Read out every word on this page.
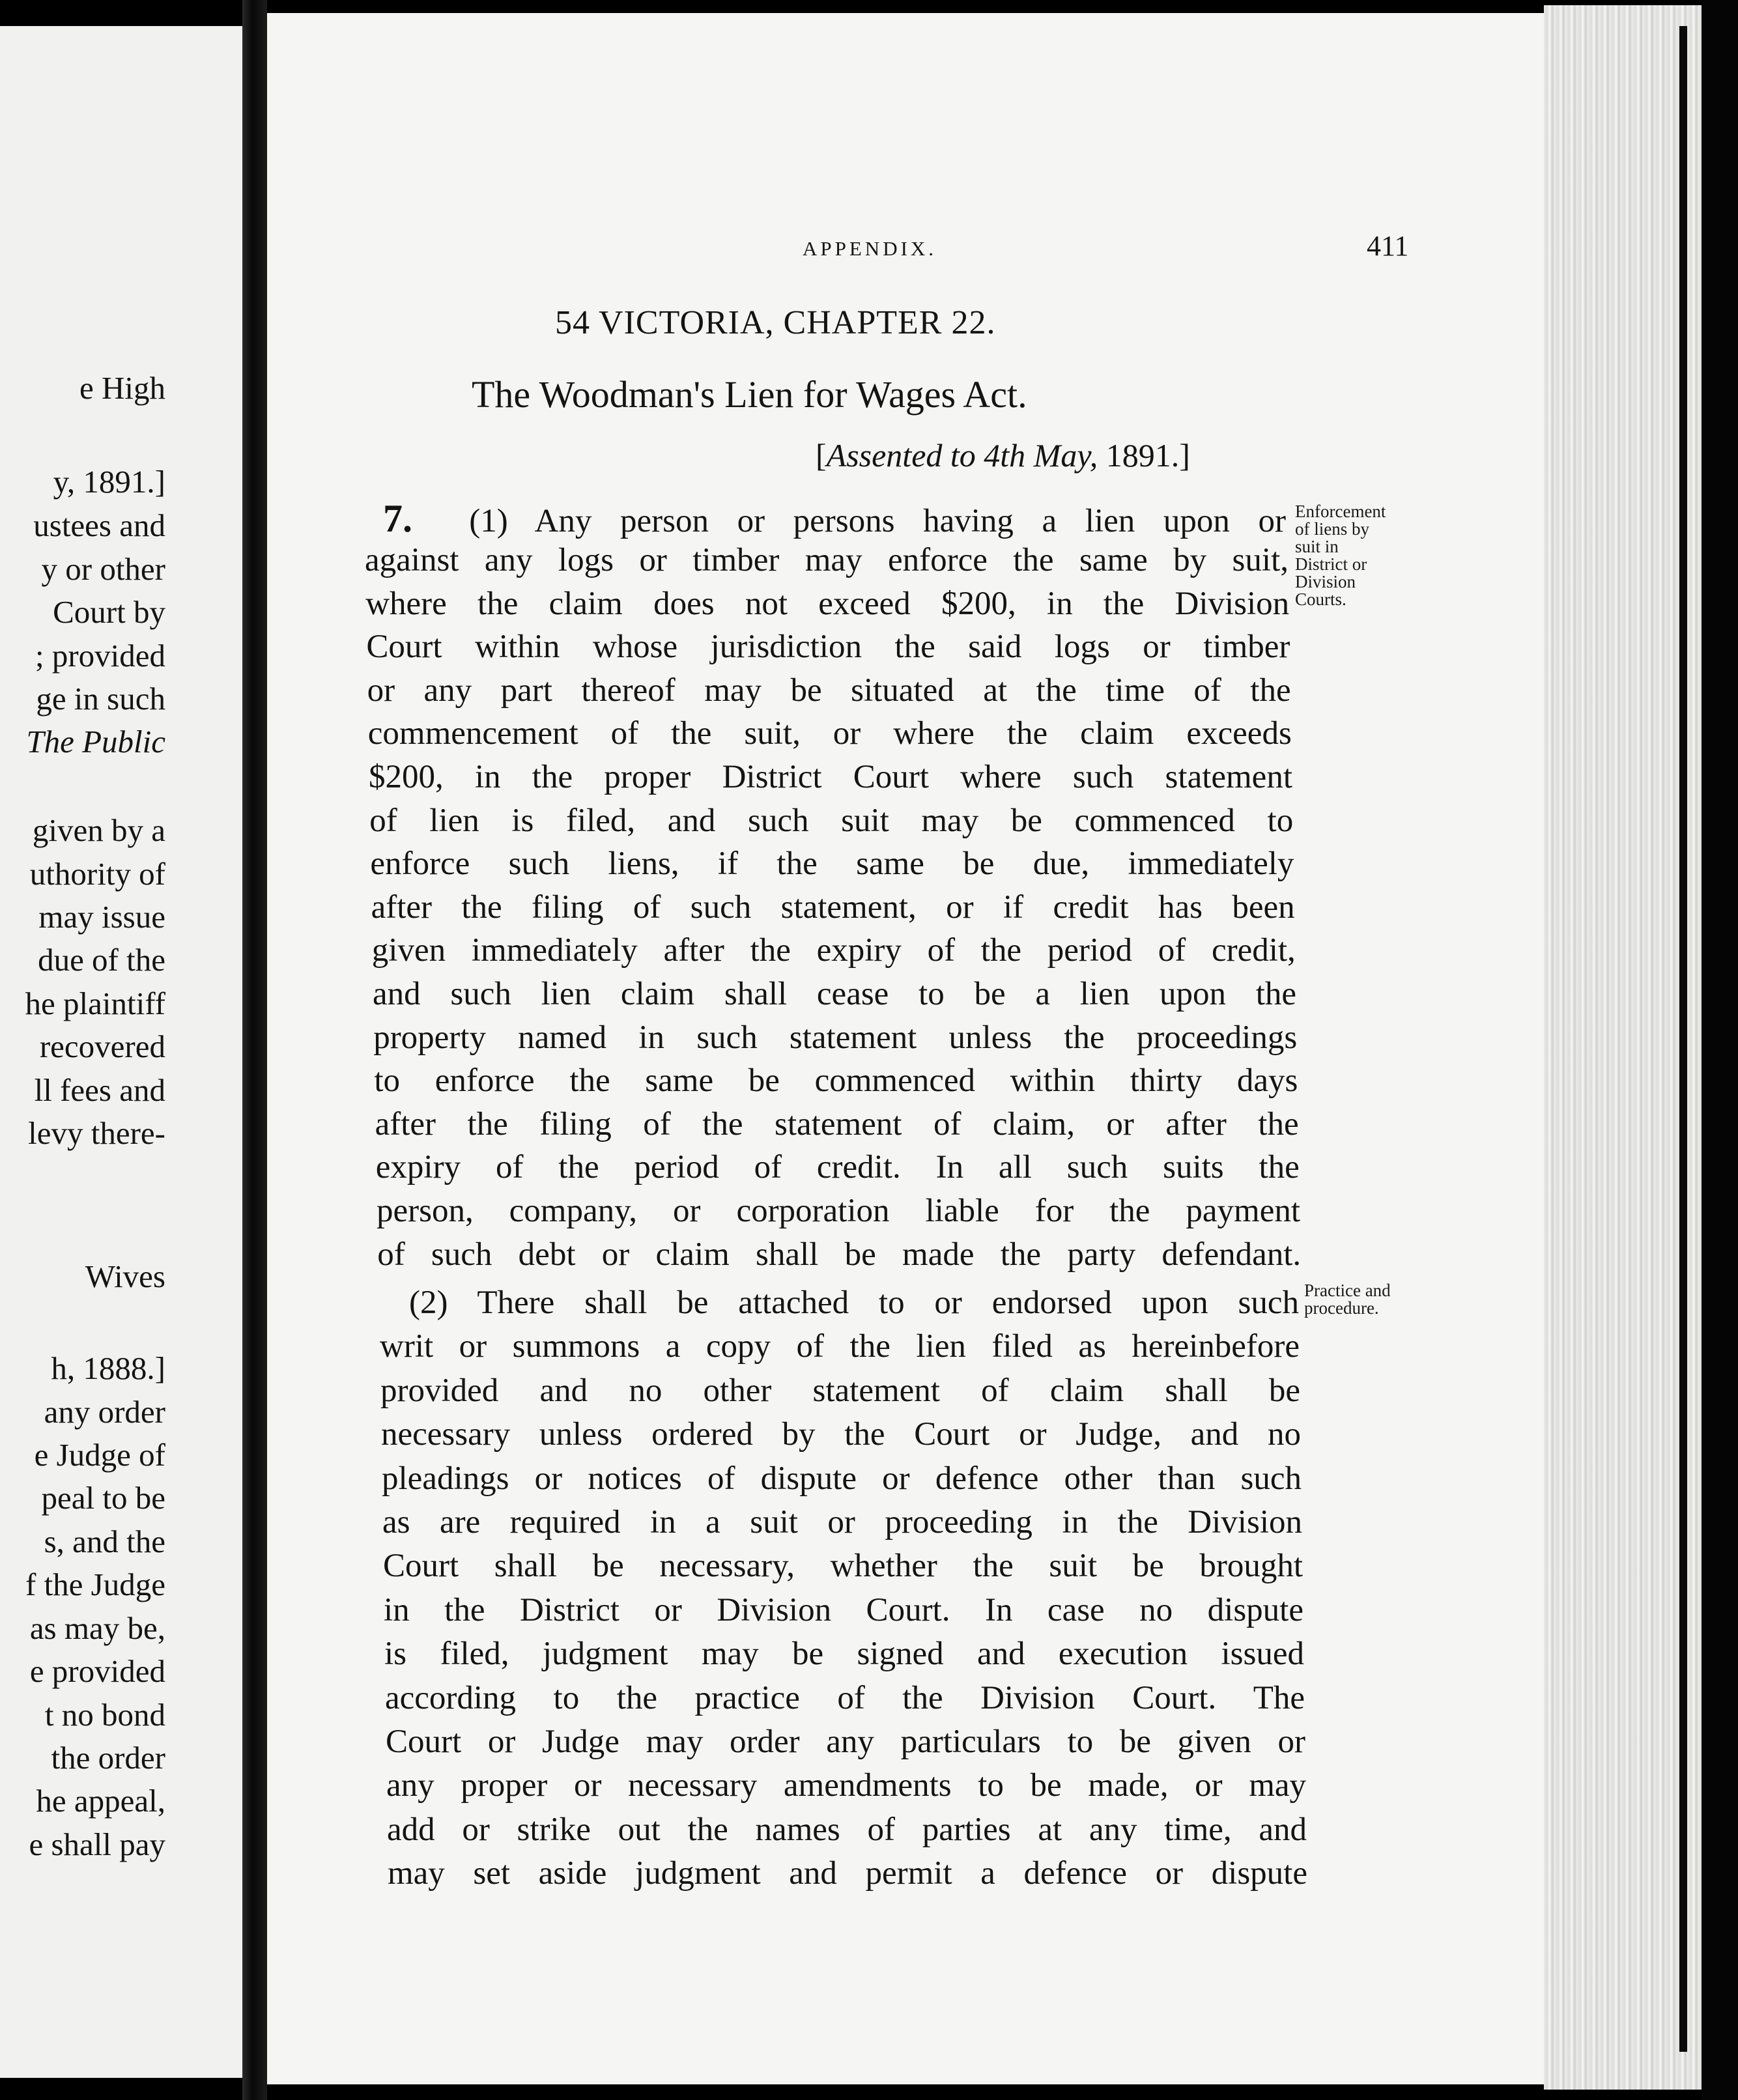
e High
y, 1891.]
ustees and
y or other
Court by
; provided
ge in such
The Public
given by a
uthority of
may issue
due of the
he plaintiff
recovered
ll fees and
levy there-
Wives
h, 1888.]
any order
e Judge of
peal to be
s, and the
f the Judge
as may be,
e provided
t no bond
the order
he appeal,
e shall pay
APPENDIX.	411
54 VICTORIA, CHAPTER 22.
The Woodman's Lien for Wages Act.
[Assented to 4th May, 1891.]
7. (1) Any person or persons having a lien upon or
against any logs or timber may enforce the same by suit,
where the claim does not exceed $200, in the Division
Court within whose jurisdiction the said logs or timber
or any part thereof may be situated at the time of the
commencement of the suit, or where the claim exceeds
$200, in the proper District Court where such statement
of lien is filed, and such suit may be commenced to
enforce such liens, if the same be due, immediately
after the filing of such statement, or if credit has been
given immediately after the expiry of the period of credit,
and such lien claim shall cease to be a lien upon the
property named in such statement unless the proceedings
to enforce the same be commenced within thirty days
after the filing of the statement of claim, or after the
expiry of the period of credit. In all such suits the
person, company, or corporation liable for the payment
of such debt or claim shall be made the party defendant.
(2) There shall be attached to or endorsed upon such
writ or summons a copy of the lien filed as hereinbefore
provided and no other statement of claim shall be
necessary unless ordered by the Court or Judge, and no
pleadings or notices of dispute or defence other than such
as are required in a suit or proceeding in the Division
Court shall be necessary, whether the suit be brought
in the District or Division Court. In case no dispute
is filed, judgment may be signed and execution issued
according to the practice of the Division Court. The
Court or Judge may order any particulars to be given or
any proper or necessary amendments to be made, or may
add or strike out the names of parties at any time, and
may set aside judgment and permit a defence or dispute
Enforcement
of liens by
suit in
District or
Division
Courts.
Practice and
procedure.
